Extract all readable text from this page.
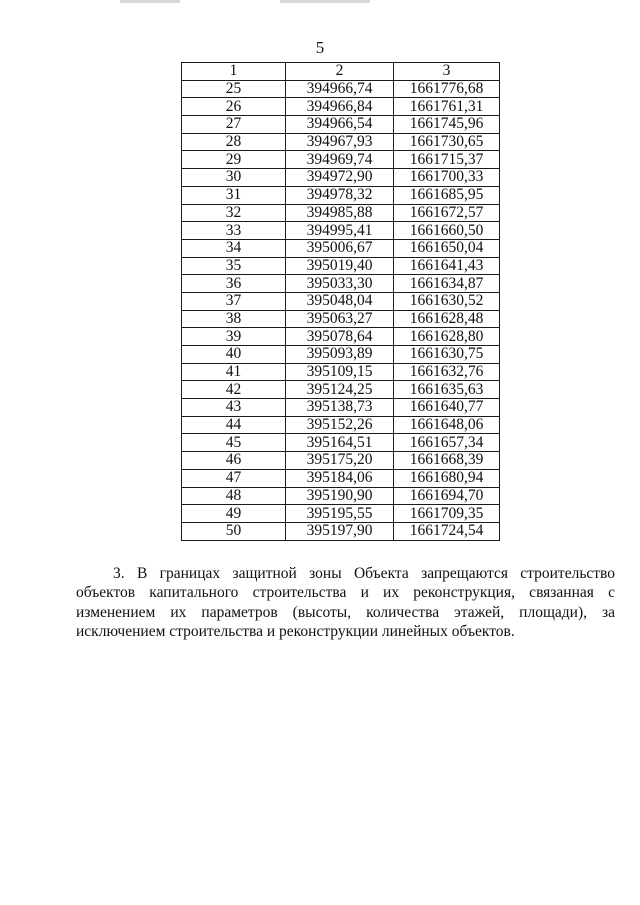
5
1	2	3
25	394966,74	1661776,68
26	394966,84	1661761,31
27	394966,54	1661745,96
28	394967,93	1661730,65
29	394969,74	1661715,37
30	394972,90	1661700,33
31	394978,32	1661685,95
32	394985,88	1661672,57
33	394995,41	1661660,50
34	395006,67	1661650,04
35	395019,40	1661641,43
36	395033,30	1661634,87
37	395048,04	1661630,52
38	395063,27	1661628,48
39	395078,64	1661628,80
40	395093,89	1661630,75
41	395109,15	1661632,76
42	395124,25	1661635,63
43	395138,73	1661640,77
44	395152,26	1661648,06
45	395164,51	1661657,34
46	395175,20	1661668,39
47	395184,06	1661680,94
48	395190,90	1661694,70
49	395195,55	1661709,35
50	395197,90	1661724,54

3. В границах защитной зоны Объекта запрещаются строительство объектов капитального строительства и их реконструкция, связанная с изменением их параметров (высоты, количества этажей, площади), за исключением строительства и реконструкции линейных объектов.
